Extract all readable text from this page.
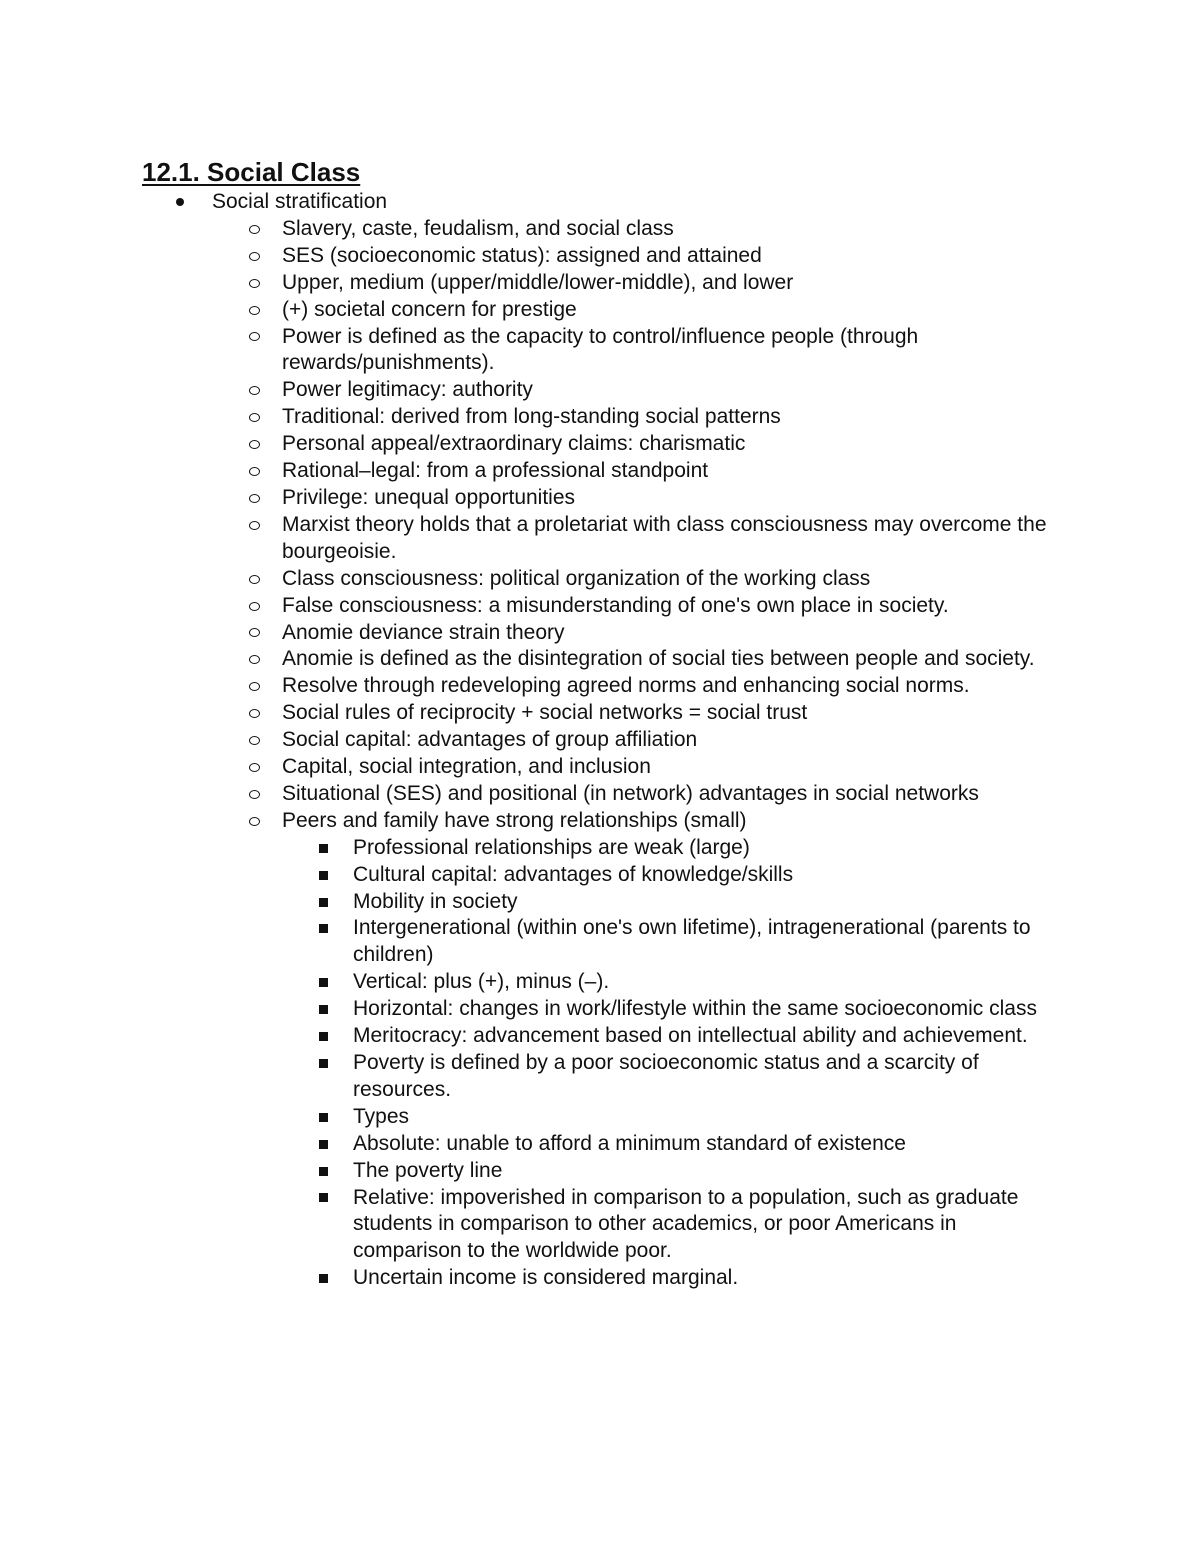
12.1. Social Class
Social stratification
Slavery, caste, feudalism, and social class
SES (socioeconomic status): assigned and attained
Upper, medium (upper/middle/lower-middle), and lower
(+) societal concern for prestige
Power is defined as the capacity to control/influence people (through rewards/punishments).
Power legitimacy: authority
Traditional: derived from long-standing social patterns
Personal appeal/extraordinary claims: charismatic
Rational–legal: from a professional standpoint
Privilege: unequal opportunities
Marxist theory holds that a proletariat with class consciousness may overcome the bourgeoisie.
Class consciousness: political organization of the working class
False consciousness: a misunderstanding of one's own place in society.
Anomie deviance strain theory
Anomie is defined as the disintegration of social ties between people and society.
Resolve through redeveloping agreed norms and enhancing social norms.
Social rules of reciprocity + social networks = social trust
Social capital: advantages of group affiliation
Capital, social integration, and inclusion
Situational (SES) and positional (in network) advantages in social networks
Peers and family have strong relationships (small)
Professional relationships are weak (large)
Cultural capital: advantages of knowledge/skills
Mobility in society
Intergenerational (within one's own lifetime), intragenerational (parents to children)
Vertical: plus (+), minus (–).
Horizontal: changes in work/lifestyle within the same socioeconomic class
Meritocracy: advancement based on intellectual ability and achievement.
Poverty is defined by a poor socioeconomic status and a scarcity of resources.
Types
Absolute: unable to afford a minimum standard of existence
The poverty line
Relative: impoverished in comparison to a population, such as graduate students in comparison to other academics, or poor Americans in comparison to the worldwide poor.
Uncertain income is considered marginal.
